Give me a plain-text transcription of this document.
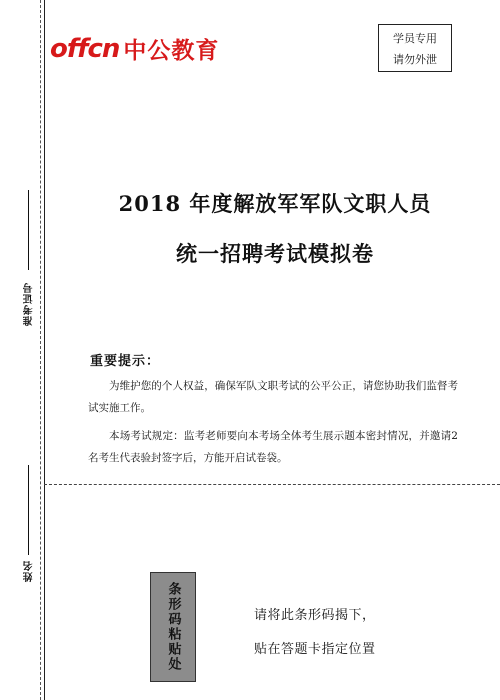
准考证号
姓名
offcn 中公教育	学员专用
请勿外泄
2018 年度解放军军队文职人员
统一招聘考试模拟卷
重要提示：
为维护您的个人权益，确保军队文职考试的公平公正，请您协助我们监督考试实施工作。
本场考试规定：监考老师要向本考场全体考生展示题本密封情况，并邀请2名考生代表验封签字后，方能开启试卷袋。
条形码粘贴处	请将此条形码揭下，
贴在答题卡指定位置
